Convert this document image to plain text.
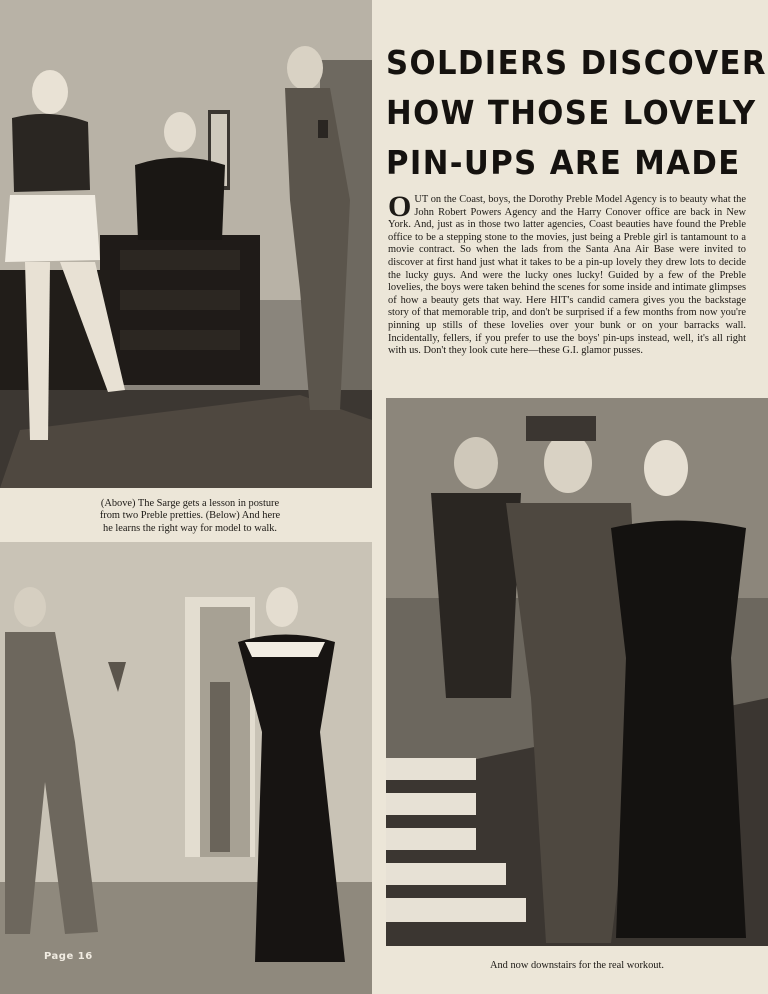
SOLDIERS DISCOVER
HOW THOSE LOVELY
PIN-UPS ARE MADE

OUT on the Coast, boys, the Dorothy Preble Model Agency is to beauty what the John Robert Powers Agency and the Harry Conover office are back in New York. And, just as in those two latter agencies, Coast beauties have found the Preble office to be a stepping stone to the movies, just being a Preble girl is tantamount to a movie contract. So when the lads from the Santa Ana Air Base were invited to discover at first hand just what it takes to be a pin-up lovely they drew lots to decide the lucky guys. And were the lucky ones lucky! Guided by a few of the Preble lovelies, the boys were taken behind the scenes for some inside and intimate glimpses of how a beauty gets that way. Here HIT's candid camera gives you the backstage story of that memorable trip, and don't be surprised if a few months from now you're pinning up stills of these lovelies over your bunk or on your barracks wall. Incidentally, fellers, if you prefer to use the boys' pin-ups instead, well, it's all right with us. Don't they look cute here—these G.I. glamor pusses.

(Above) The Sarge gets a lesson in posture
from two Preble pretties. (Below) And here
he learns the right way for model to walk.

And now downstairs for the real workout.

Page 16
